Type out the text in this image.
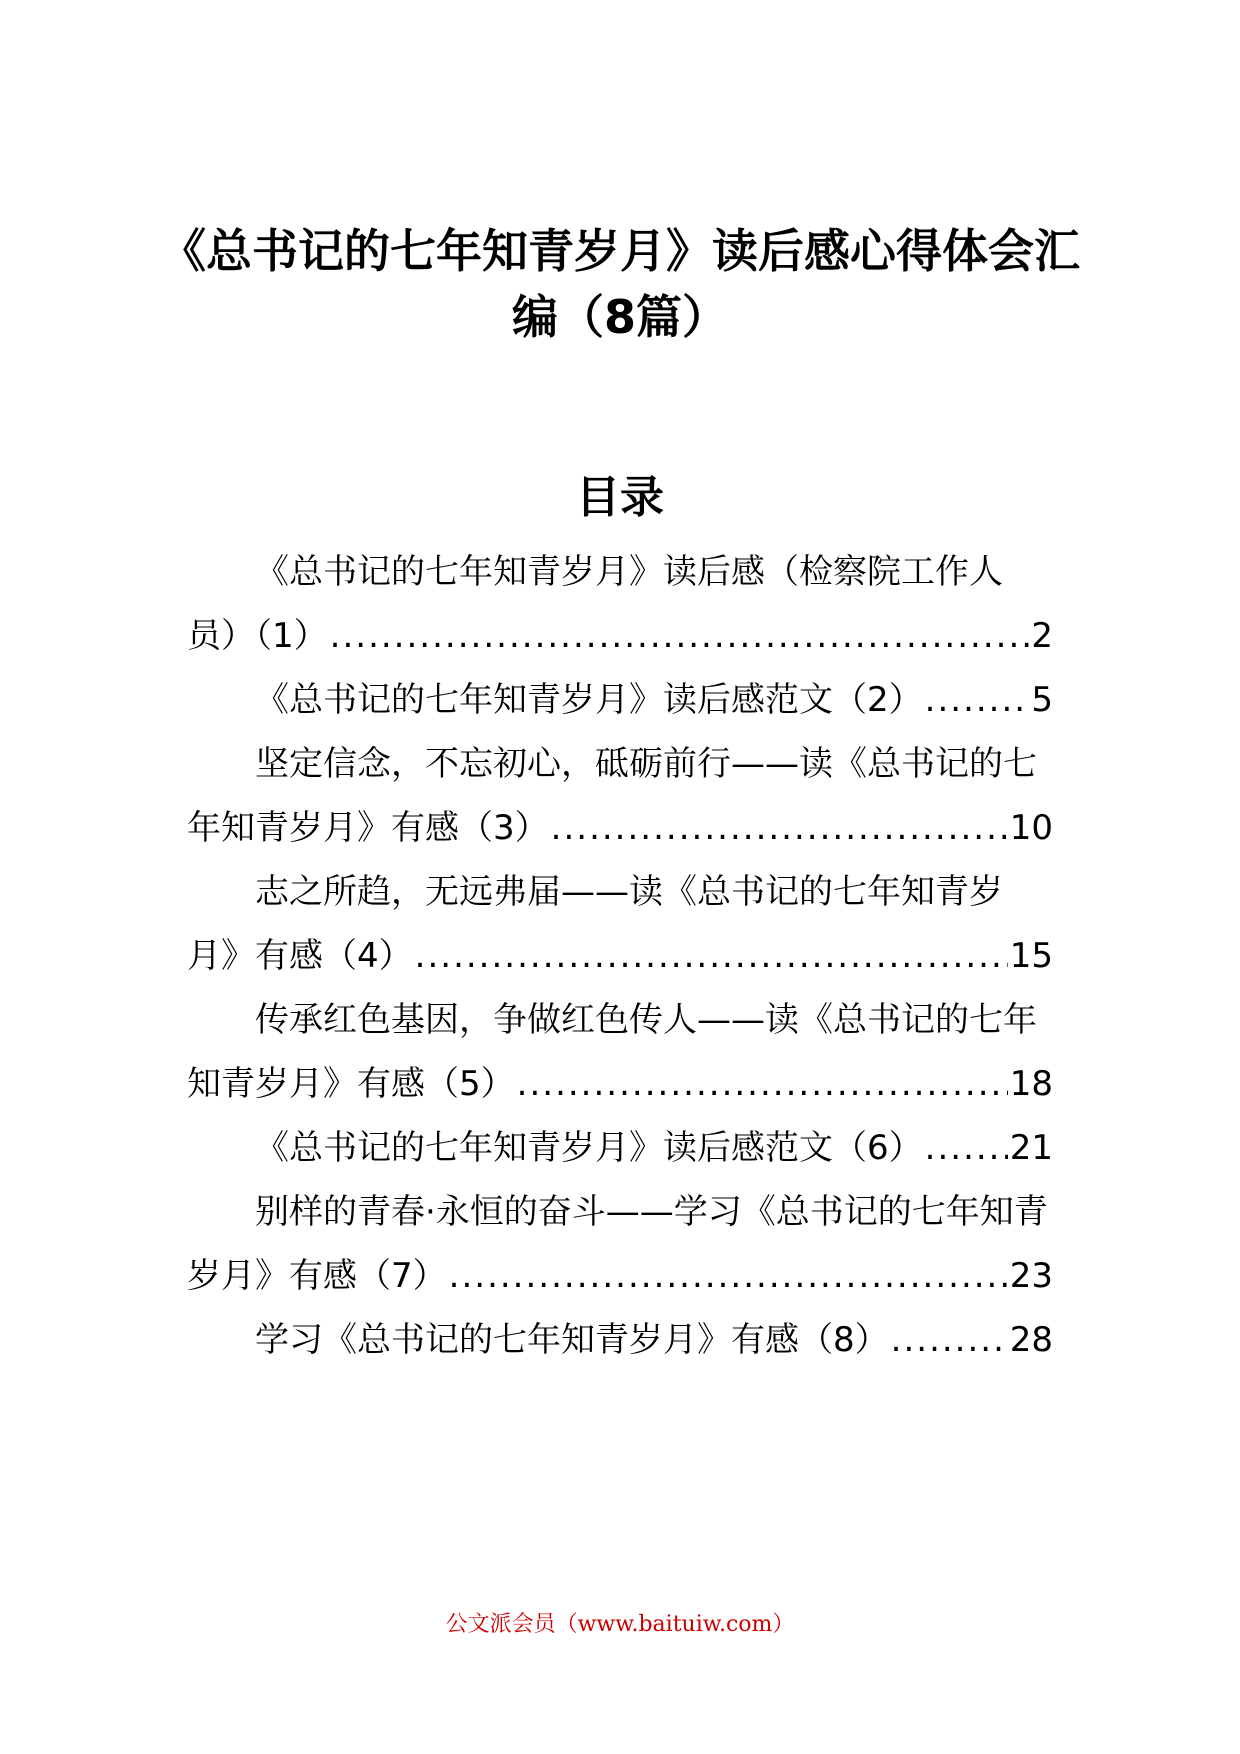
《总书记的七年知青岁月》读后感心得体会汇编（8篇）
目录
《总书记的七年知青岁月》读后感（检察院工作人
员）（1） .....	2
《总书记的七年知青岁月》读后感范文（2） .....	5
坚定信念，不忘初心，砥砺前行——读《总书记的七
年知青岁月》有感（3） .....	10
志之所趋，无远弗届——读《总书记的七年知青岁
月》有感（4） .....	15
传承红色基因，争做红色传人——读《总书记的七年
知青岁月》有感（5） .....	18
《总书记的七年知青岁月》读后感范文（6） .....	21
别样的青春·永恒的奋斗——学习《总书记的七年知青
岁月》有感（7） .....	23
学习《总书记的七年知青岁月》有感（8） .....	28
公文派会员（www.baituiw.com）
